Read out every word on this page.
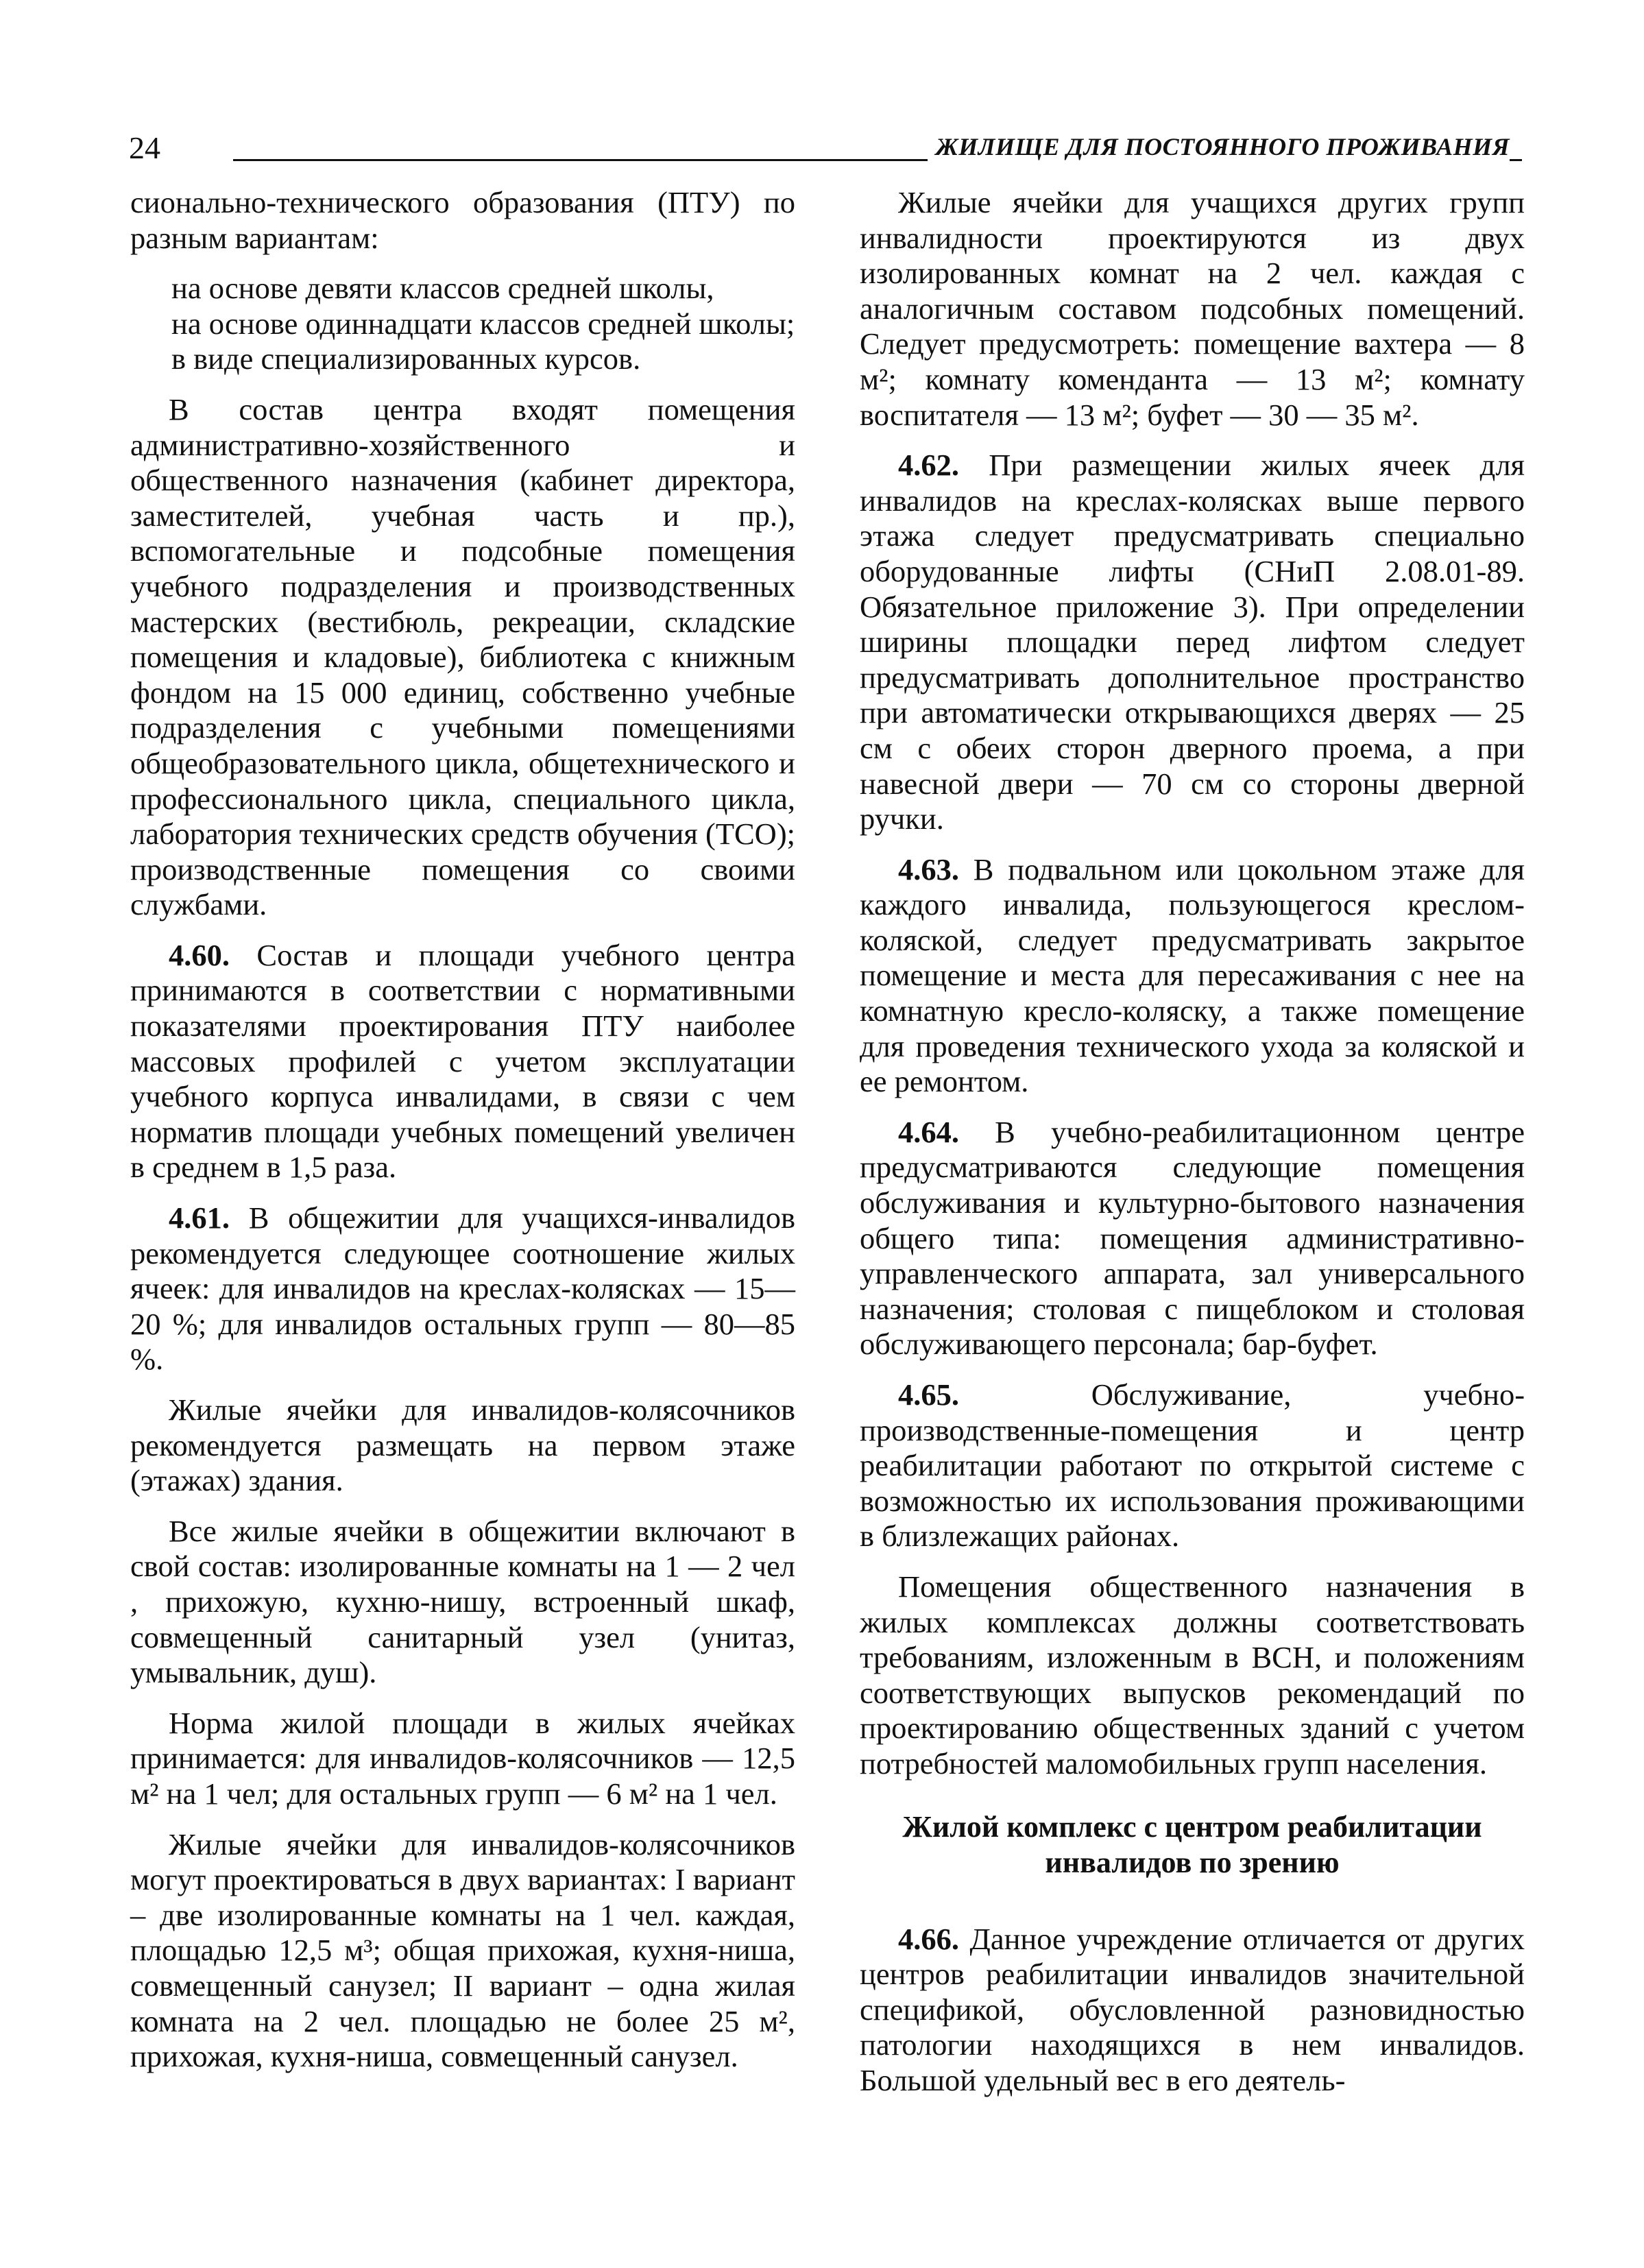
24	ЖИЛИЩЕ ДЛЯ ПОСТОЯННОГО ПРОЖИВАНИЯ

сионально-технического образования (ПТУ) по разным вариантам:

на основе девяти классов средней школы,
на основе одиннадцати классов средней школы;
в виде специализированных курсов.

В состав центра входят помещения административно-хозяйственного и общественного назначения (кабинет директора, заместителей, учебная часть и пр.), вспомогательные и подсобные помещения учебного подразделения и производственных мастерских (вестибюль, рекреации, складские помещения и кладовые), библиотека с книжным фондом на 15 000 единиц, собственно учебные подразделения с учебными помещениями общеобразовательного цикла, общетехнического и профессионального цикла, специального цикла, лаборатория технических средств обучения (ТСО); производственные помещения со своими службами.

4.60. Состав и площади учебного центра принимаются в соответствии с нормативными показателями проектирования ПТУ наиболее массовых профилей с учетом эксплуатации учебного корпуса инвалидами, в связи с чем норматив площади учебных помещений увеличен в среднем в 1,5 раза.

4.61. В общежитии для учащихся-инвалидов рекомендуется следующее соотношение жилых ячеек: для инвалидов на креслах-колясках — 15—20 %; для инвалидов остальных групп — 80—85 %.

Жилые ячейки для инвалидов-колясочников рекомендуется размещать на первом этаже (этажах) здания.

Все жилые ячейки в общежитии включают в свой состав: изолированные комнаты на 1 — 2 чел , прихожую, кухню-нишу, встроенный шкаф, совмещенный санитарный узел (унитаз, умывальник, душ).

Норма жилой площади в жилых ячейках принимается: для инвалидов-колясочников — 12,5 м² на 1 чел; для остальных групп — 6 м² на 1 чел.

Жилые ячейки для инвалидов-колясочников могут проектироваться в двух вариантах: I вариант – две изолированные комнаты на 1 чел. каждая, площадью 12,5 м³; общая прихожая, кухня-ниша, совмещенный санузел; II вариант – одна жилая комната на 2 чел. площадью не более 25 м², прихожая, кухня-ниша, совмещенный санузел.

Жилые ячейки для учащихся других групп инвалидности проектируются из двух изолированных комнат на 2 чел. каждая с аналогичным составом подсобных помещений. Следует предусмотреть: помещение вахтера — 8 м²; комнату коменданта — 13 м²; комнату воспитателя — 13 м²; буфет — 30 — 35 м².

4.62. При размещении жилых ячеек для инвалидов на креслах-колясках выше первого этажа следует предусматривать специально оборудованные лифты (СНиП 2.08.01-89. Обязательное приложение 3). При определении ширины площадки перед лифтом следует предусматривать дополнительное пространство при автоматически открывающихся дверях — 25 см с обеих сторон дверного проема, а при навесной двери — 70 см со стороны дверной ручки.

4.63. В подвальном или цокольном этаже для каждого инвалида, пользующегося креслом-коляской, следует предусматривать закрытое помещение и места для пересаживания с нее на комнатную кресло-коляску, а также помещение для проведения технического ухода за коляской и ее ремонтом.

4.64. В учебно-реабилитационном центре предусматриваются следующие помещения обслуживания и культурно-бытового назначения общего типа: помещения административно-управленческого аппарата, зал универсального назначения; столовая с пищеблоком и столовая обслуживающего персонала; бар-буфет.

4.65.	Обслуживание, учебно-производственные-помещения и центр реабилитации работают по открытой системе с возможностью их использования проживающими в близлежащих районах.

Помещения общественного назначения в жилых комплексах должны соответствовать требованиям, изложенным в ВСН, и положениям соответствующих выпусков рекомендаций по проектированию общественных зданий с учетом потребностей маломобильных групп населения.

Жилой комплекс с центром реабилитации
инвалидов по зрению

4.66. Данное учреждение отличается от других центров реабилитации инвалидов значительной спецификой, обусловленной разновидностью патологии находящихся в нем инвалидов. Большой удельный вес в его деятель-
